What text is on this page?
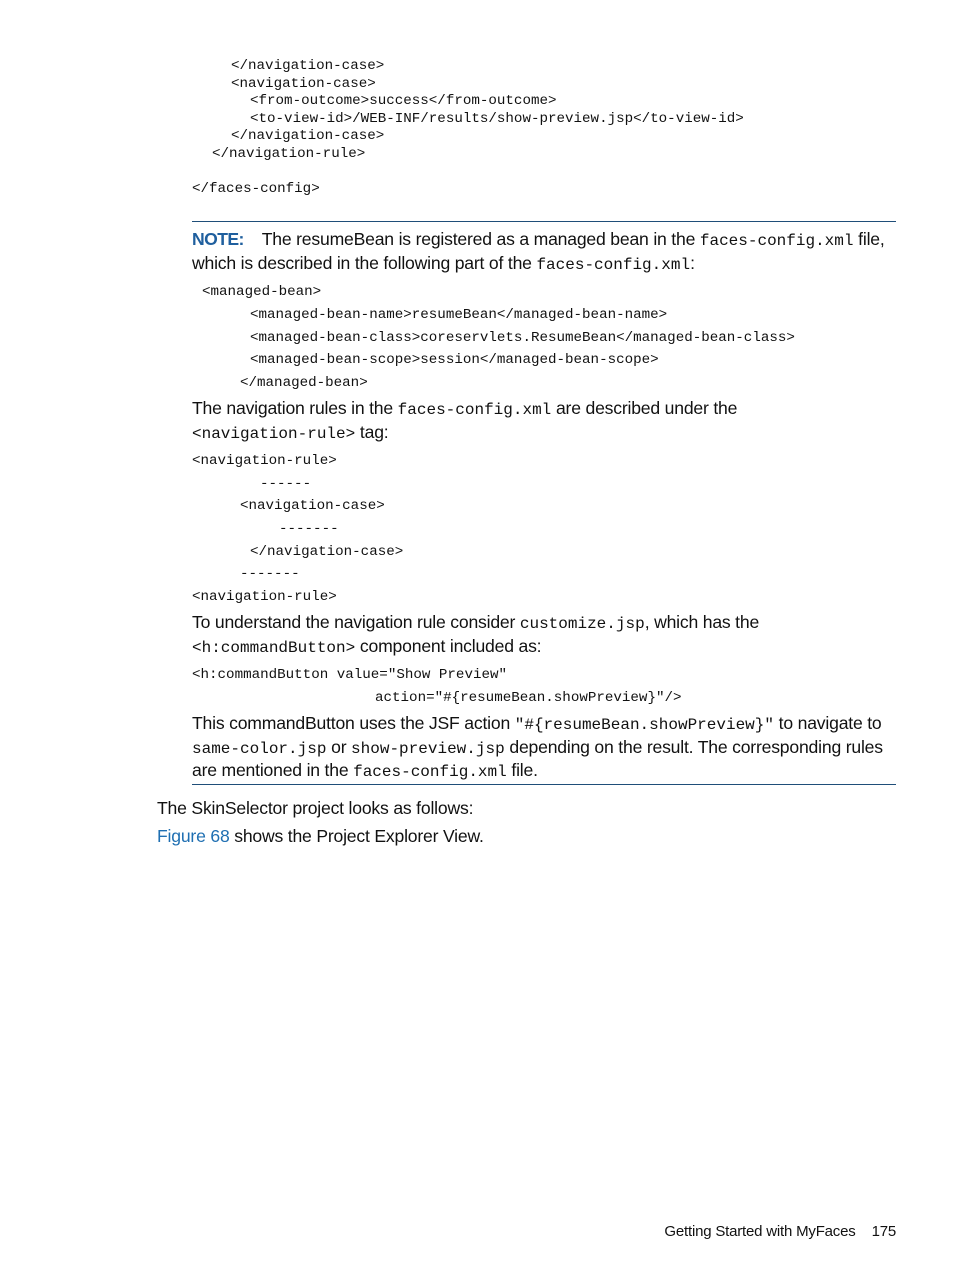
</navigation-case>
<navigation-case>
<from-outcome>success</from-outcome>
<to-view-id>/WEB-INF/results/show-preview.jsp</to-view-id>
</navigation-case>
</navigation-rule>
</faces-config>
NOTE: The resumeBean is registered as a managed bean in the faces-config.xml file, which is described in the following part of the faces-config.xml:
<managed-bean>
<managed-bean-name>resumeBean</managed-bean-name>
<managed-bean-class>coreservlets.ResumeBean</managed-bean-class>
<managed-bean-scope>session</managed-bean-scope>
</managed-bean>
The navigation rules in the faces-config.xml are described under the
<navigation-rule> tag:
<navigation-rule>
------
<navigation-case>
-------
</navigation-case>
-------
<navigation-rule>
To understand the navigation rule consider customize.jsp, which has the
<h:commandButton> component included as:
<h:commandButton value="Show Preview"
action="#{resumeBean.showPreview}"/>
This commandButton uses the JSF action "#{resumeBean.showPreview}" to navigate to same-color.jsp or show-preview.jsp depending on the result. The corresponding rules are mentioned in the faces-config.xml file.
The SkinSelector project looks as follows:
Figure 68 shows the Project Explorer View.
Getting Started with MyFaces 175
